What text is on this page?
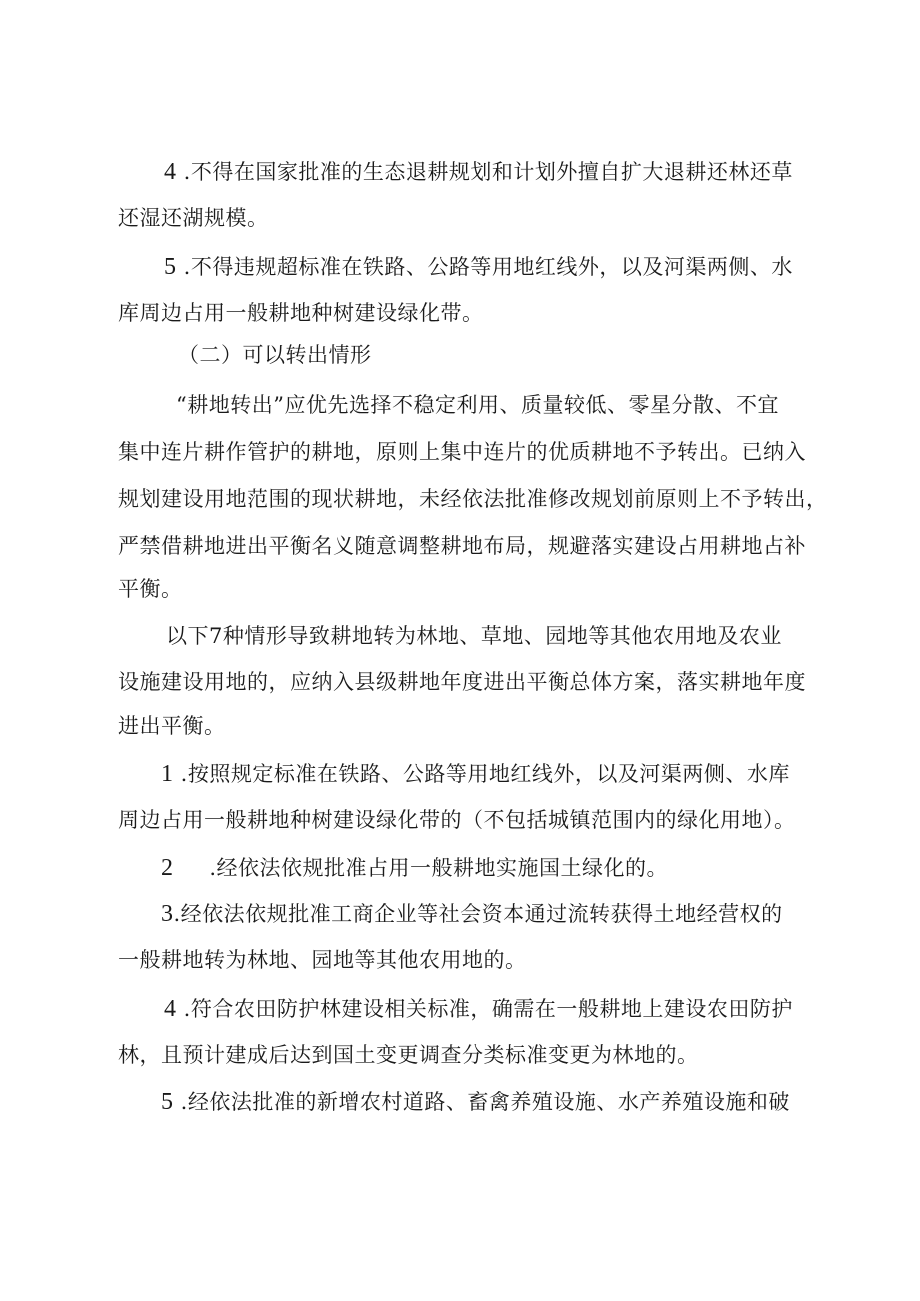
4 .不得在国家批准的生态退耕规划和计划外擅自扩大退耕还林还草
还湿还湖规模。
5 .不得违规超标准在铁路、公路等用地红线外，以及河渠两侧、水
库周边占用一般耕地种树建设绿化带。
（二）可以转出情形
“耕地转出”应优先选择不稳定利用、质量较低、零星分散、不宜
集中连片耕作管护的耕地，原则上集中连片的优质耕地不予转出。已纳入
规划建设用地范围的现状耕地，未经依法批准修改规划前原则上不予转出，
严禁借耕地进出平衡名义随意调整耕地布局，规避落实建设占用耕地占补
平衡。
以下7种情形导致耕地转为林地、草地、园地等其他农用地及农业
设施建设用地的，应纳入县级耕地年度进出平衡总体方案，落实耕地年度
进出平衡。
1 .按照规定标准在铁路、公路等用地红线外，以及河渠两侧、水库
周边占用一般耕地种树建设绿化带的（不包括城镇范围内的绿化用地）。
2     .经依法依规批准占用一般耕地实施国土绿化的。
3.经依法依规批准工商企业等社会资本通过流转获得土地经营权的
一般耕地转为林地、园地等其他农用地的。
4 .符合农田防护林建设相关标准，确需在一般耕地上建设农田防护
林，且预计建成后达到国土变更调查分类标准变更为林地的。
5 .经依法批准的新增农村道路、畜禽养殖设施、水产养殖设施和破
